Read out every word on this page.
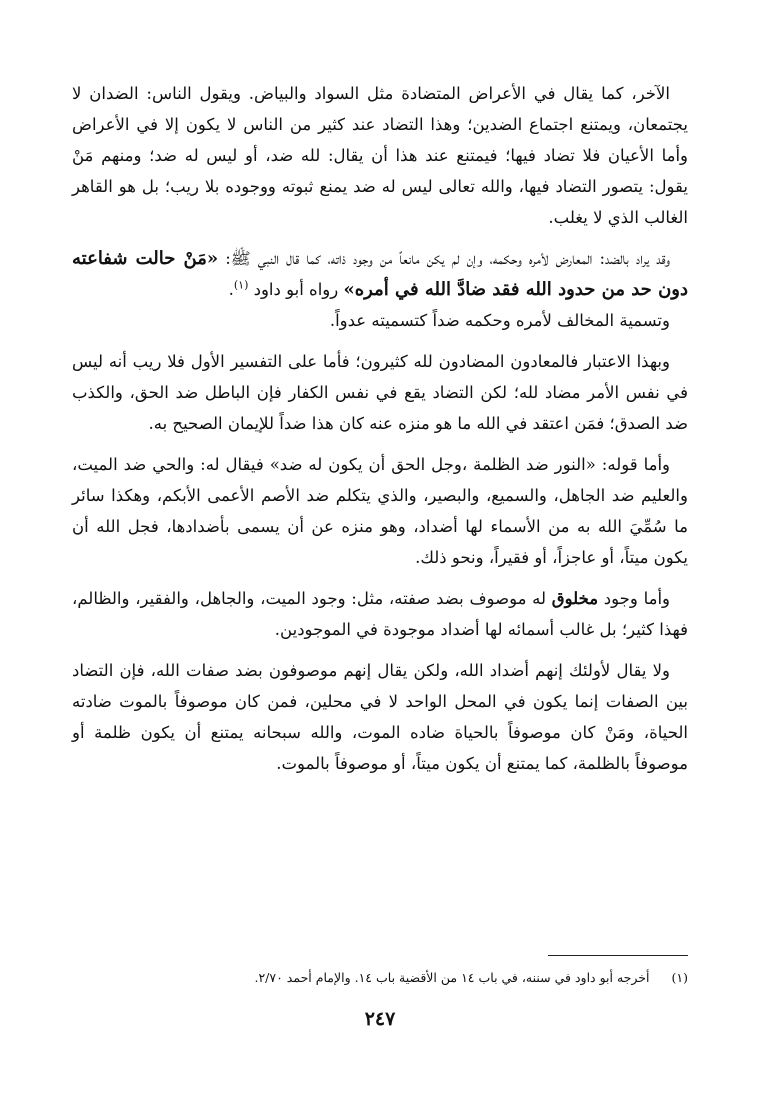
الآخر، كما يقال في الأعراض المتضادة مثل السواد والبياض. ويقول الناس: الضدان لا يجتمعان، ويمتنع اجتماع الضدين؛ وهذا التضاد عند كثير من الناس لا يكون إلا في الأعراض وأما الأعيان فلا تضاد فيها؛ فيمتنع عند هذا أن يقال: لله ضد، أو ليس له ضد؛ ومنهم مَنْ يقول: يتصور التضاد فيها، والله تعالى ليس له ضد يمنع ثبوته ووجوده بلا ريب؛ بل هو القاهر الغالب الذي لا يغلب.

وقد يراد بالضد: المعارض لأمره وحكمه، وإن لم يكن مانعاً من وجود ذاته، كما قال النبي ﷺ: «مَنْ حالت شفاعته دون حد من حدود الله فقد ضادَّ الله في أمره» رواه أبو داود $^{(١)}$.

وتسمية المخالف لأمره وحكمه ضداً كتسميته عدواً.

وبهذا الاعتبار فالمعادون المضادون لله كثيرون؛ فأما على التفسير الأول فلا ريب أنه ليس في نفس الأمر مضاد لله؛ لكن التضاد يقع في نفس الكفار فإن الباطل ضد الحق، والكذب ضد الصدق؛ فمَن اعتقد في الله ما هو منزه عنه كان هذا ضداً للإيمان الصحيح به.

وأما قوله: «النور ضد الظلمة ،وجل الحق أن يكون له ضد» فيقال له: والحي ضد الميت، والعليم ضد الجاهل، والسميع، والبصير، والذي يتكلم ضد الأصم الأعمى الأبكم، وهكذا سائر ما سُمِّيَ الله به من الأسماء لها أضداد، وهو منزه عن أن يسمى بأضدادها، فجل الله أن يكون ميتاً، أو عاجزاً، أو فقيراً، ونحو ذلك.

وأما وجود مخلوق له موصوف بضد صفته، مثل: وجود الميت، والجاهل، والفقير، والظالم، فهذا كثير؛ بل غالب أسمائه لها أضداد موجودة في الموجودين.

ولا يقال لأولئك إنهم أضداد الله، ولكن يقال إنهم موصوفون بضد صفات الله، فإن التضاد بين الصفات إنما يكون في المحل الواحد لا في محلين، فمن كان موصوفاً بالموت ضادته الحياة، ومَنْ كان موصوفاً بالحياة ضاده الموت، والله سبحانه يمتنع أن يكون ظلمة أو موصوفاً بالظلمة، كما يمتنع أن يكون ميتاً، أو موصوفاً بالموت.

(١) أخرجه أبو داود في سننه، في باب ١٤ من الأقضية باب ١٤. والإمام أحمد ٢/٧٠.
٢٤٧
